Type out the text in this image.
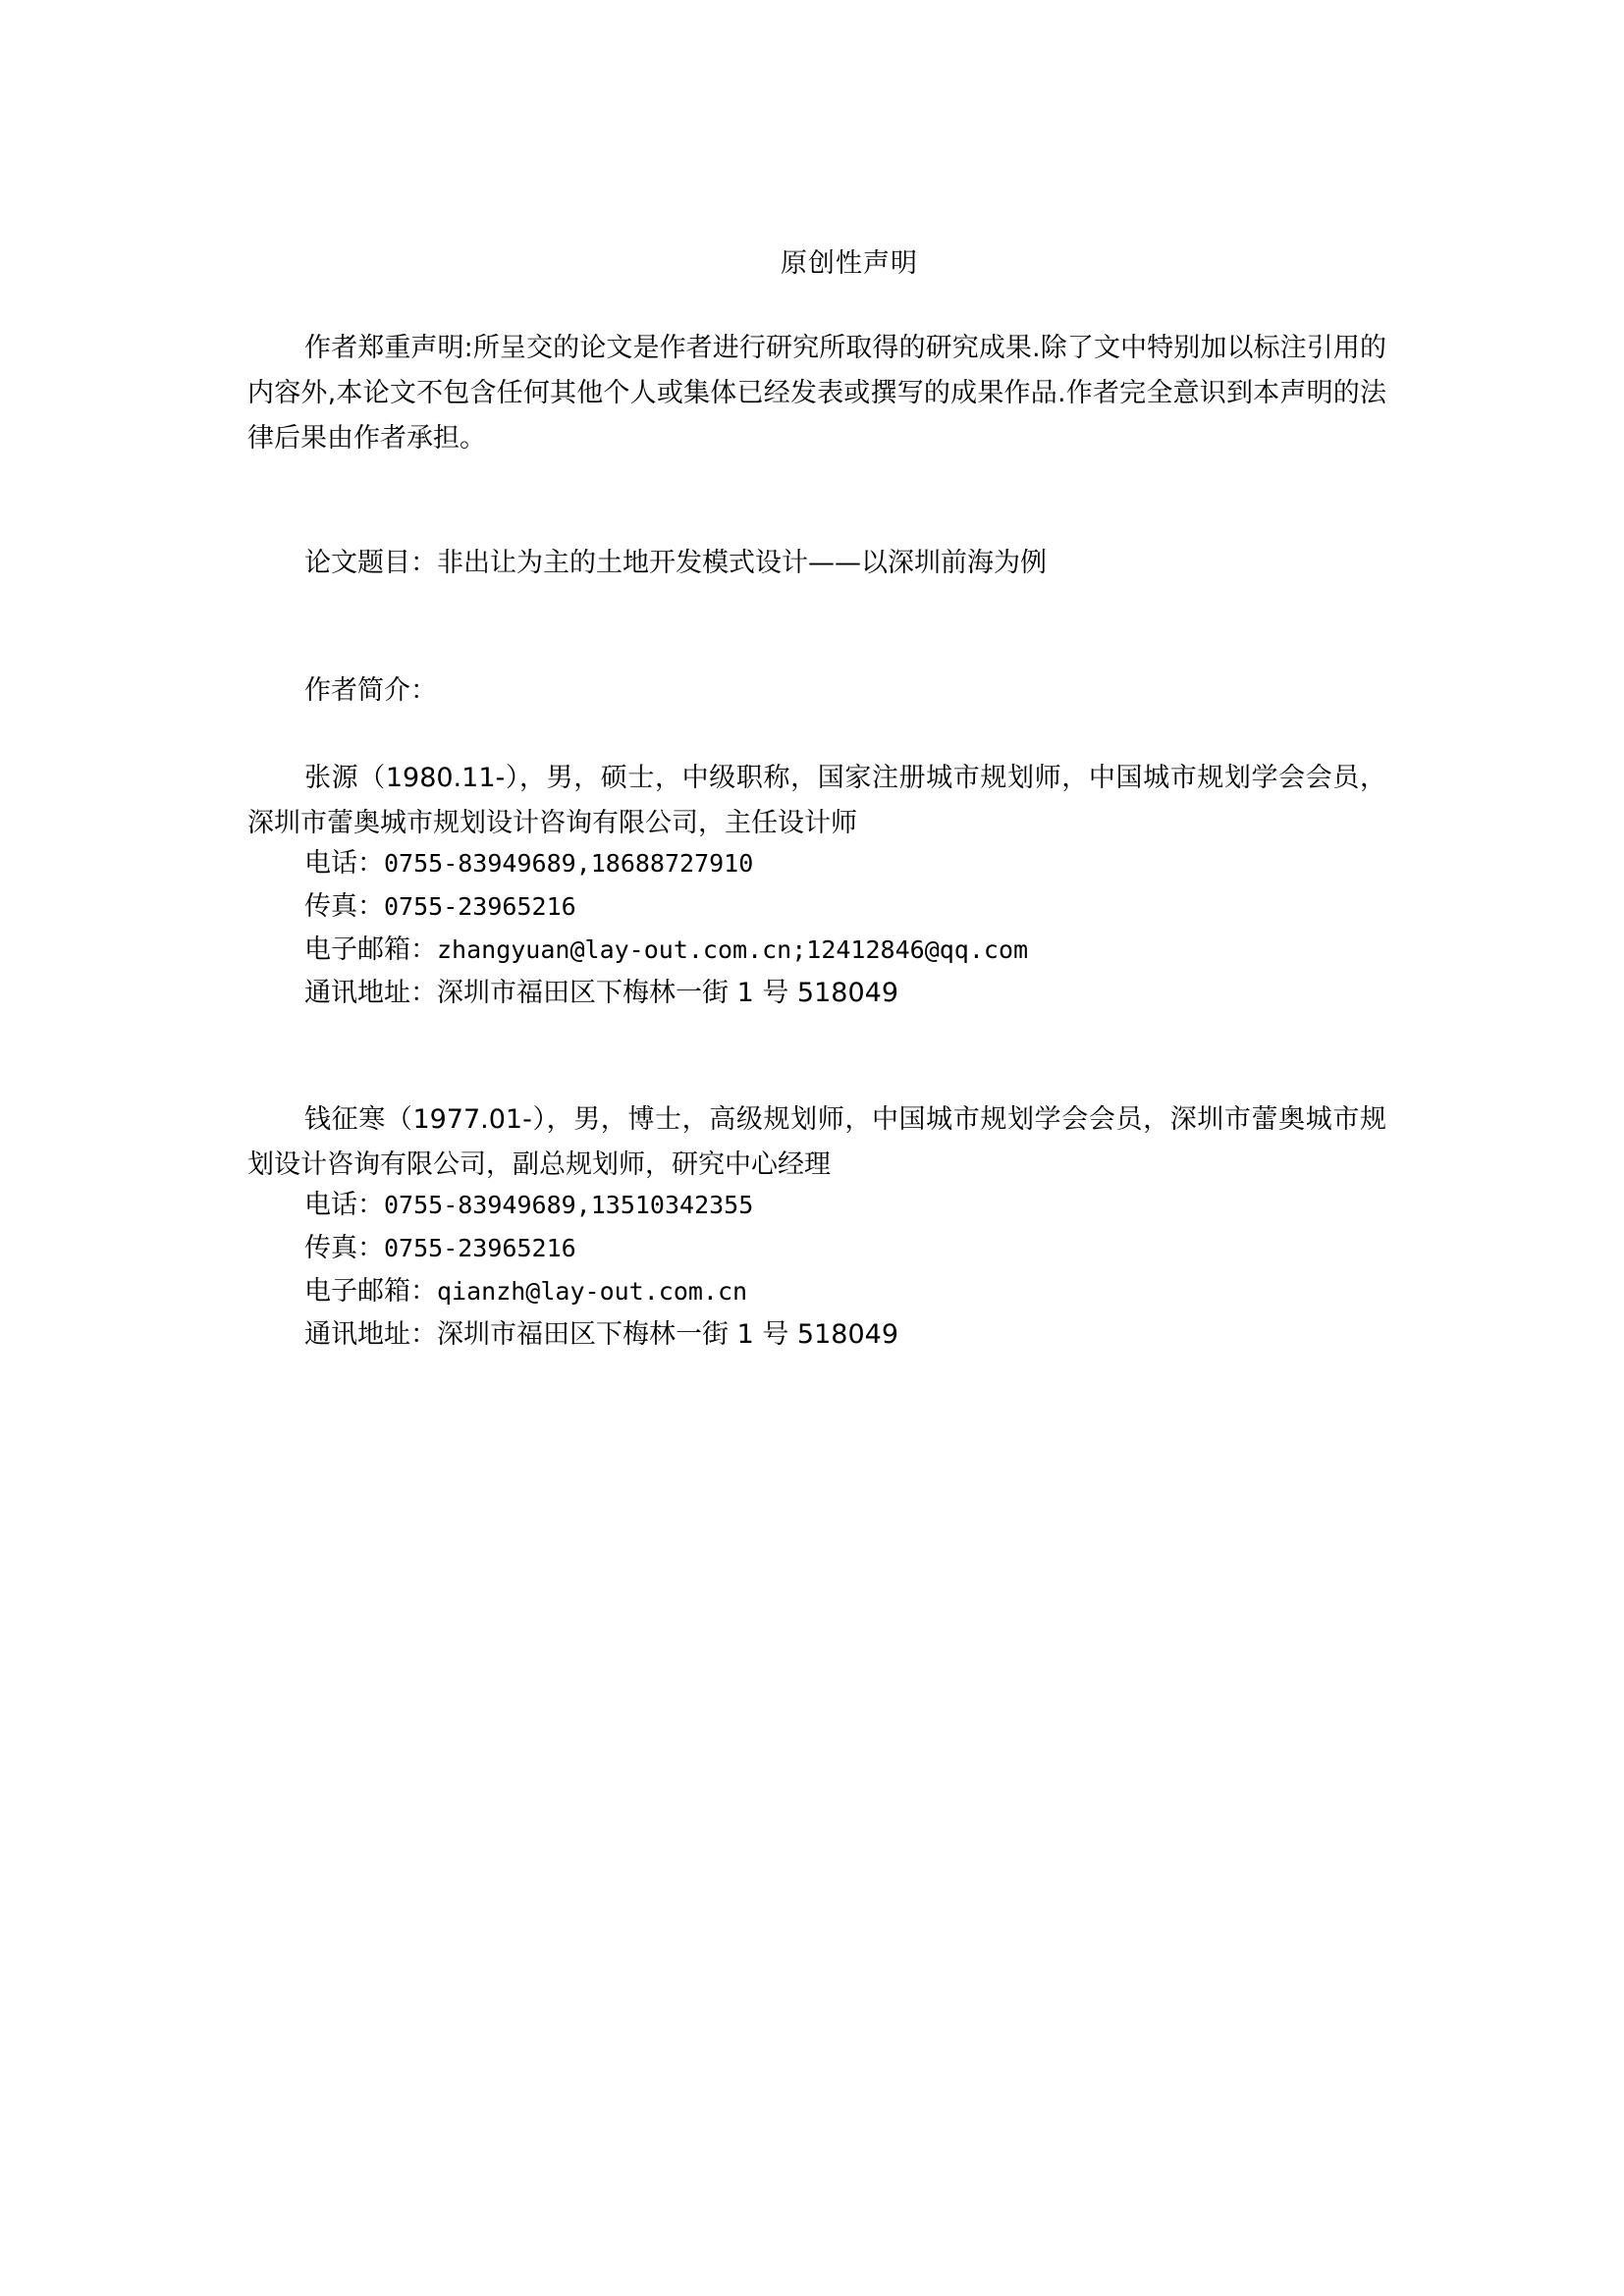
原创性声明
作者郑重声明:所呈交的论文是作者进行研究所取得的研究成果.除了文中特别加以标注引用的内容外,本论文不包含任何其他个人或集体已经发表或撰写的成果作品.作者完全意识到本声明的法律后果由作者承担。
论文题目：非出让为主的土地开发模式设计——以深圳前海为例
作者简介：
张源（1980.11-），男，硕士，中级职称，国家注册城市规划师，中国城市规划学会会员，深圳市蕾奥城市规划设计咨询有限公司，主任设计师
电话：0755-83949689,18688727910
传真：0755-23965216
电子邮箱：zhangyuan@lay-out.com.cn;12412846@qq.com
通讯地址：深圳市福田区下梅林一街 1 号 518049
钱征寒（1977.01-），男，博士，高级规划师，中国城市规划学会会员，深圳市蕾奥城市规划设计咨询有限公司，副总规划师，研究中心经理
电话：0755-83949689,13510342355
传真：0755-23965216
电子邮箱：qianzh@lay-out.com.cn
通讯地址：深圳市福田区下梅林一街 1 号 518049
